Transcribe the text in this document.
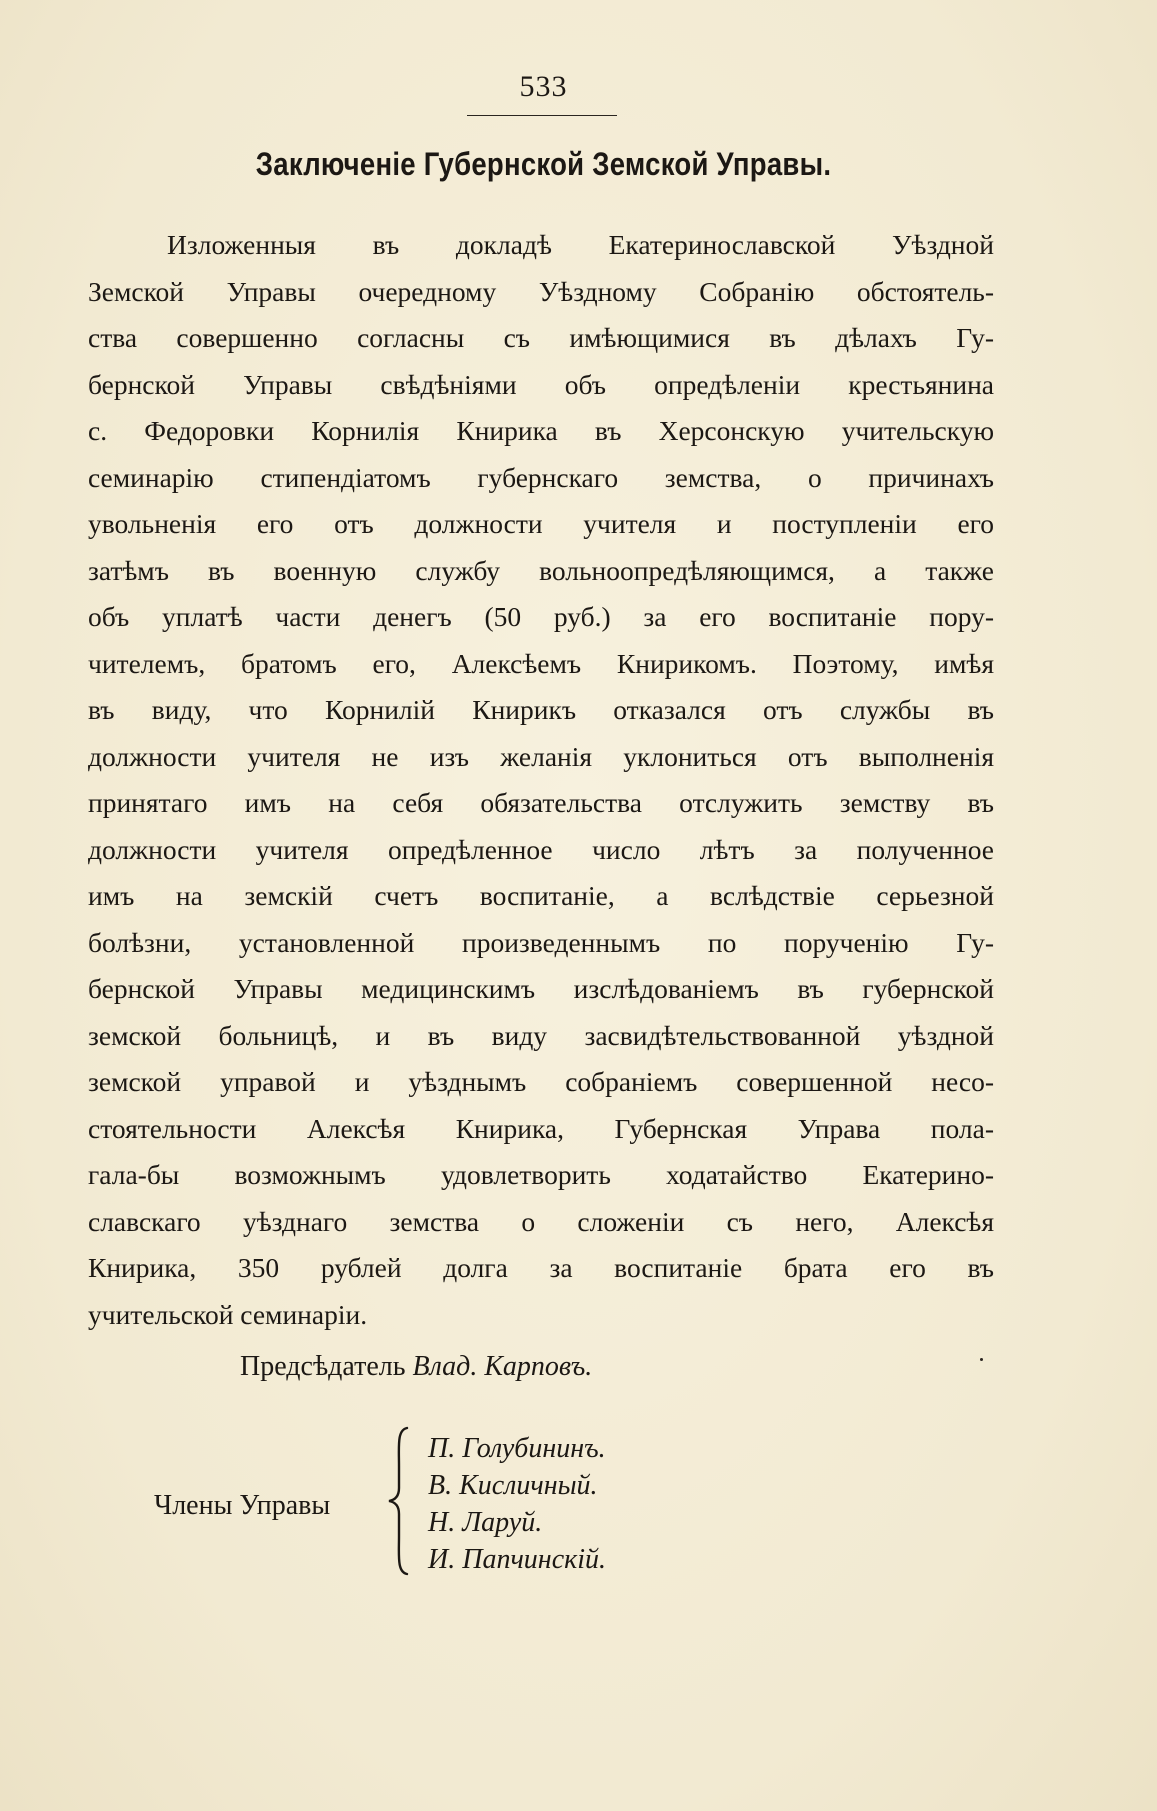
533
Заключеніе Губернской Земской Управы.
Изложенныя въ докладѣ Екатеринославской Уѣздной
Земской Управы очередному Уѣздному Собранію обстоятель-
ства совершенно согласны съ имѣющимися въ дѣлахъ Гу-
бернской Управы свѣдѣніями объ опредѣленіи крестьянина
с. Федоровки Корнилія Книрика въ Херсонскую учительскую
семинарію стипендіатомъ губернскаго земства, о причинахъ
увольненія его отъ должности учителя и поступленіи его
затѣмъ въ военную службу вольноопредѣляющимся, а также
объ уплатѣ части денегъ (50 руб.) за его воспитаніе пору-
чителемъ, братомъ его, Алексѣемъ Книрикомъ. Поэтому, имѣя
въ виду, что Корнилій Книрикъ отказался отъ службы въ
должности учителя не изъ желанія уклониться отъ выполненія
принятаго имъ на себя обязательства отслужить земству въ
должности учителя опредѣленное число лѣтъ за полученное
имъ на земскій счетъ воспитаніе, а вслѣдствіе серьезной
болѣзни, установленной произведеннымъ по порученію Гу-
бернской Управы медицинскимъ изслѣдованіемъ въ губернской
земской больницѣ, и въ виду засвидѣтельствованной уѣздной
земской управой и уѣзднымъ собраніемъ совершенной несо-
стоятельности Алексѣя Книрика, Губернская Управа пола-
гала-бы возможнымъ удовлетворить ходатайство Екатерино-
славскаго уѣзднаго земства о сложеніи съ него, Алексѣя
Книрика, 350 рублей долга за воспитаніе брата его въ
учительской семинаріи.
Предсѣдатель Влад. Карповъ.
Члены Управы
П. Голубининъ.
В. Кисличный.
Н. Ларуй.
И. Папчинскій.
